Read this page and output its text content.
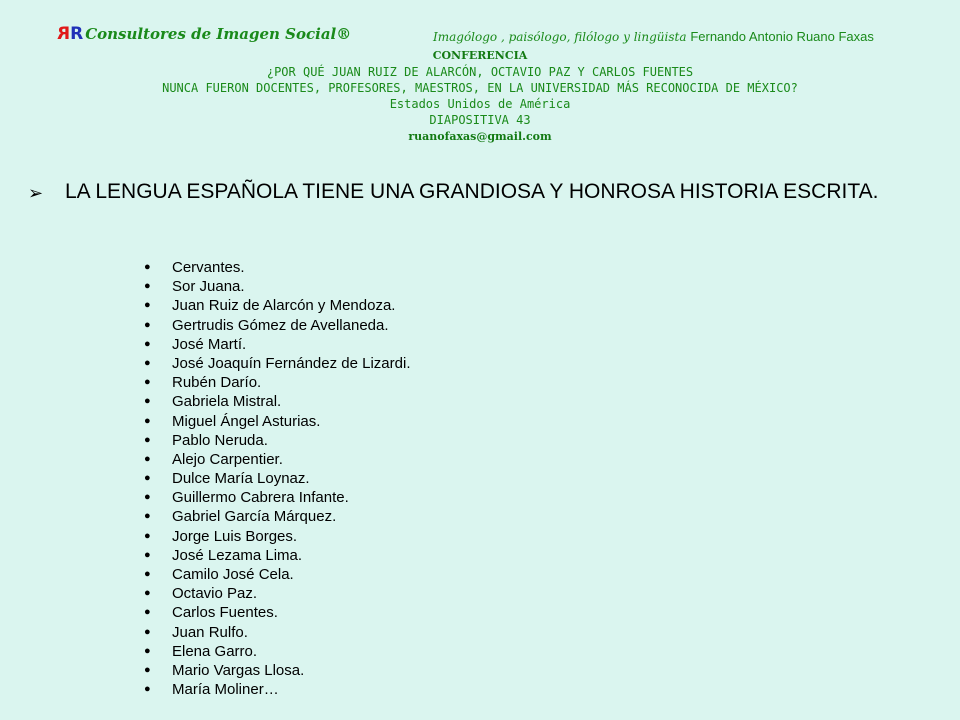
RR Consultores de Imagen Social®	Imagólogo , paisólogo, filólogo y lingüista Fernando Antonio Ruano Faxas
CONFERENCIA
¿POR QUÉ JUAN RUIZ DE ALARCÓN, OCTAVIO PAZ Y CARLOS FUENTES
NUNCA FUERON DOCENTES, PROFESORES, MAESTROS, EN LA UNIVERSIDAD MÁS RECONOCIDA DE MÉXICO?
Estados Unidos de América
DIAPOSITIVA 43
ruanofaxas@gmail.com
➢ LA LENGUA ESPAÑOLA TIENE UNA GRANDIOSA Y HONROSA HISTORIA ESCRITA.
● Cervantes.
● Sor Juana.
● Juan Ruiz de Alarcón y Mendoza.
● Gertrudis Gómez de Avellaneda.
● José Martí.
● José Joaquín Fernández de Lizardi.
● Rubén Darío.
● Gabriela Mistral.
● Miguel Ángel Asturias.
● Pablo Neruda.
● Alejo Carpentier.
● Dulce María Loynaz.
● Guillermo Cabrera Infante.
● Gabriel García Márquez.
● Jorge Luis Borges.
● José Lezama Lima.
● Camilo José Cela.
● Octavio Paz.
● Carlos Fuentes.
● Juan Rulfo.
● Elena Garro.
● Mario Vargas Llosa.
● María Moliner…
